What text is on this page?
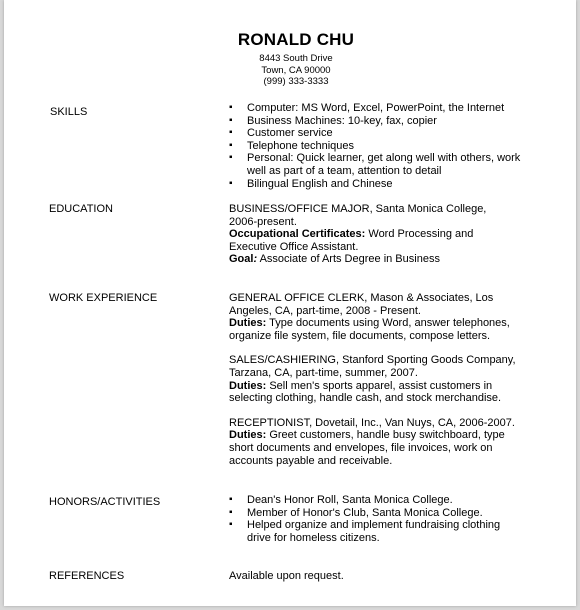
RONALD CHU
8443 South Drive
Town, CA 90000
(999) 333-3333
SKILLS	▪ Computer: MS Word, Excel, PowerPoint, the Internet
▪ Business Machines: 10-key, fax, copier
▪ Customer service
▪ Telephone techniques
▪ Personal: Quick learner, get along well with others, work well as part of a team, attention to detail
▪ Bilingual English and Chinese
EDUCATION	BUSINESS/OFFICE MAJOR, Santa Monica College, 2006-present.

Occupational Certificates: Word Processing and Executive Office Assistant.

Goal: Associate of Arts Degree in Business

WORK EXPERIENCE	GENERAL OFFICE CLERK, Mason & Associates, Los Angeles, CA, part-time, 2008 - Present.

Duties: Type documents using Word, answer telephones, organize file system, file documents, compose letters.

SALES/CASHIERING, Stanford Sporting Goods Company, Tarzana, CA, part-time, summer, 2007.

Duties: Sell men's sports apparel, assist customers in selecting clothing, handle cash, and stock merchandise.

RECEPTIONIST, Dovetail, Inc., Van Nuys, CA, 2006-2007.

Duties: Greet customers, handle busy switchboard, type short documents and envelopes, file invoices, work on accounts payable and receivable.

HONORS/ACTIVITIES	▪ Dean's Honor Roll, Santa Monica College.
▪ Member of Honor's Club, Santa Monica College.
▪ Helped organize and implement fundraising clothing drive for homeless citizens.
REFERENCES	Available upon request.
